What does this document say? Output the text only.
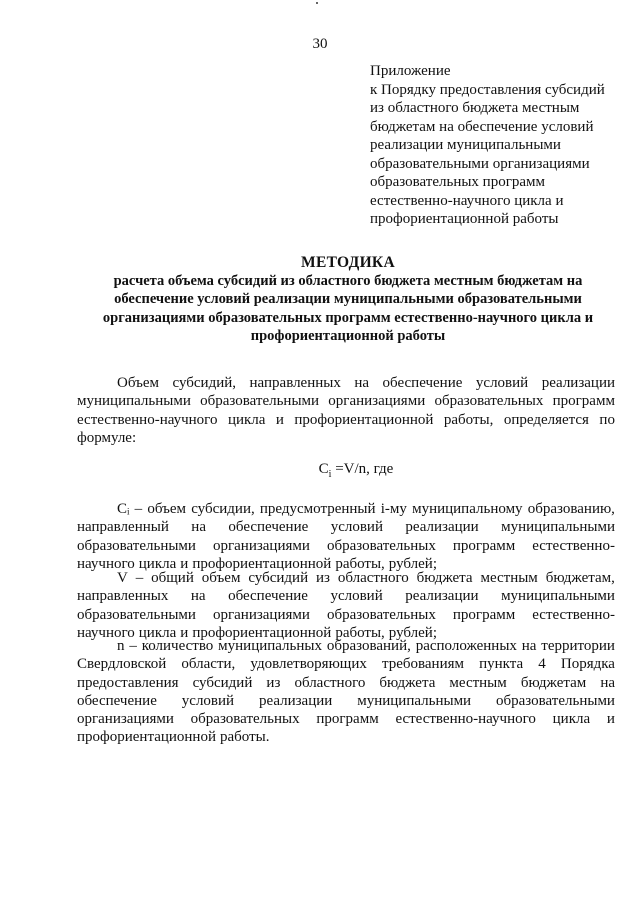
30
Приложение
к Порядку предоставления субсидий
из областного бюджета местным
бюджетам на обеспечение условий
реализации муниципальными
образовательными организациями
образовательных программ
естественно-научного цикла и
профориентационной работы
МЕТОДИКА
расчета объема субсидий из областного бюджета местным бюджетам на
обеспечение условий реализации муниципальными образовательными
организациями образовательных программ естественно-научного цикла и
профориентационной работы
Объем субсидий, направленных на обеспечение условий реализации
муниципальными образовательными организациями образовательных программ
естественно-научного цикла и профориентационной работы, определяется по
формуле:
$C_i =V/n$, где
Cᵢ – объем субсидии, предусмотренный i-му муниципальному образованию,
направленный на обеспечение условий реализации муниципальными
образовательными организациями образовательных программ естественно-
научного цикла и профориентационной работы, рублей;
V – общий объем субсидий из областного бюджета местным бюджетам,
направленных на обеспечение условий реализации муниципальными
образовательными организациями образовательных программ естественно-
научного цикла и профориентационной работы, рублей;
n – количество муниципальных образований, расположенных на территории
Свердловской области, удовлетворяющих требованиям пункта 4 Порядка
предоставления субсидий из областного бюджета местным бюджетам на
обеспечение условий реализации муниципальными образовательными
организациями образовательных программ естественно-научного цикла и
профориентационной работы.
